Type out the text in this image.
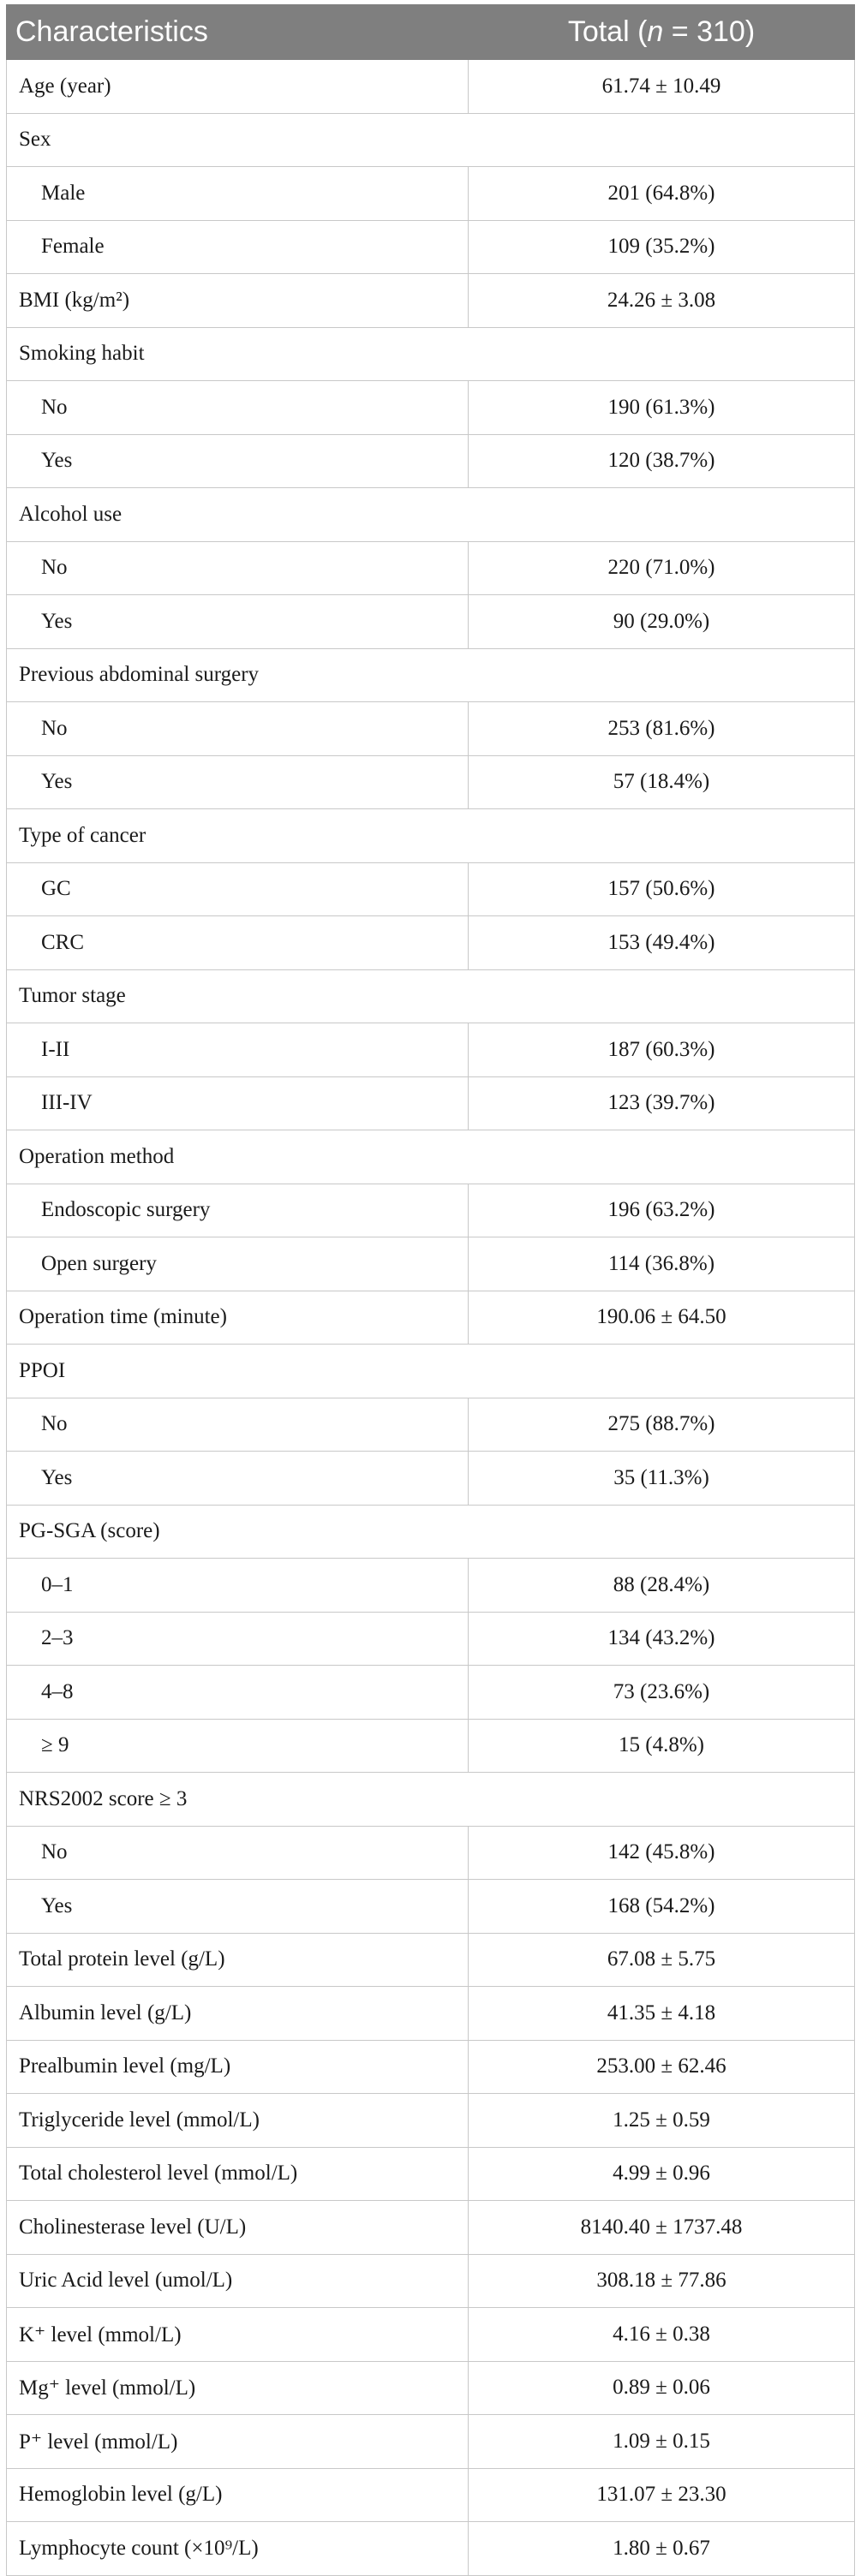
Characteristics	Total (n = 310)
Age (year)	61.74 ± 10.49
Sex	
Male	201 (64.8%)
Female	109 (35.2%)
BMI (kg/m²)	24.26 ± 3.08
Smoking habit	
No	190 (61.3%)
Yes	120 (38.7%)
Alcohol use	
No	220 (71.0%)
Yes	90 (29.0%)
Previous abdominal surgery	
No	253 (81.6%)
Yes	57 (18.4%)
Type of cancer	
GC	157 (50.6%)
CRC	153 (49.4%)
Tumor stage	
I-II	187 (60.3%)
III-IV	123 (39.7%)
Operation method	
Endoscopic surgery	196 (63.2%)
Open surgery	114 (36.8%)
Operation time (minute)	190.06 ± 64.50
PPOI	
No	275 (88.7%)
Yes	35 (11.3%)
PG-SGA (score)	
0–1	88 (28.4%)
2–3	134 (43.2%)
4–8	73 (23.6%)
≥ 9	15 (4.8%)
NRS2002 score ≥ 3	
No	142 (45.8%)
Yes	168 (54.2%)
Total protein level (g/L)	67.08 ± 5.75
Albumin level (g/L)	41.35 ± 4.18
Prealbumin level (mg/L)	253.00 ± 62.46
Triglyceride level (mmol/L)	1.25 ± 0.59
Total cholesterol level (mmol/L)	4.99 ± 0.96
Cholinesterase level (U/L)	8140.40 ± 1737.48
Uric Acid level (umol/L)	308.18 ± 77.86
K⁺ level (mmol/L)	4.16 ± 0.38
Mg⁺ level (mmol/L)	0.89 ± 0.06
P⁺ level (mmol/L)	1.09 ± 0.15
Hemoglobin level (g/L)	131.07 ± 23.30
Lymphocyte count (×10⁹/L)	1.80 ± 0.67
